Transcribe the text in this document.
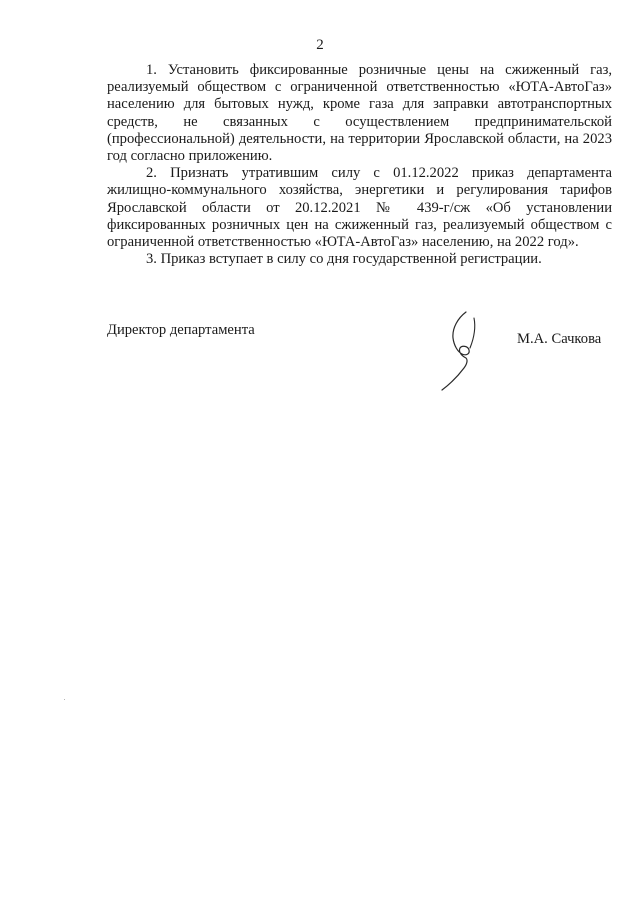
2

1. Установить фиксированные розничные цены на сжиженный газ, реализуемый обществом с ограниченной ответственностью «ЮТА-АвтоГаз» населению для бытовых нужд, кроме газа для заправки автотранспортных средств, не связанных с осуществлением предпринимательской (профессиональной) деятельности, на территории Ярославской области, на 2023 год согласно приложению.

2. Признать утратившим силу с 01.12.2022 приказ департамента жилищно-коммунального хозяйства, энергетики и регулирования тарифов Ярославской области от 20.12.2021 № 439-г/сж «Об установлении фиксированных розничных цен на сжиженный газ, реализуемый обществом с ограниченной ответственностью «ЮТА-АвтоГаз» населению, на 2022 год».

3. Приказ вступает в силу со дня государственной регистрации.

Директор департамента
М.А. Сачкова
